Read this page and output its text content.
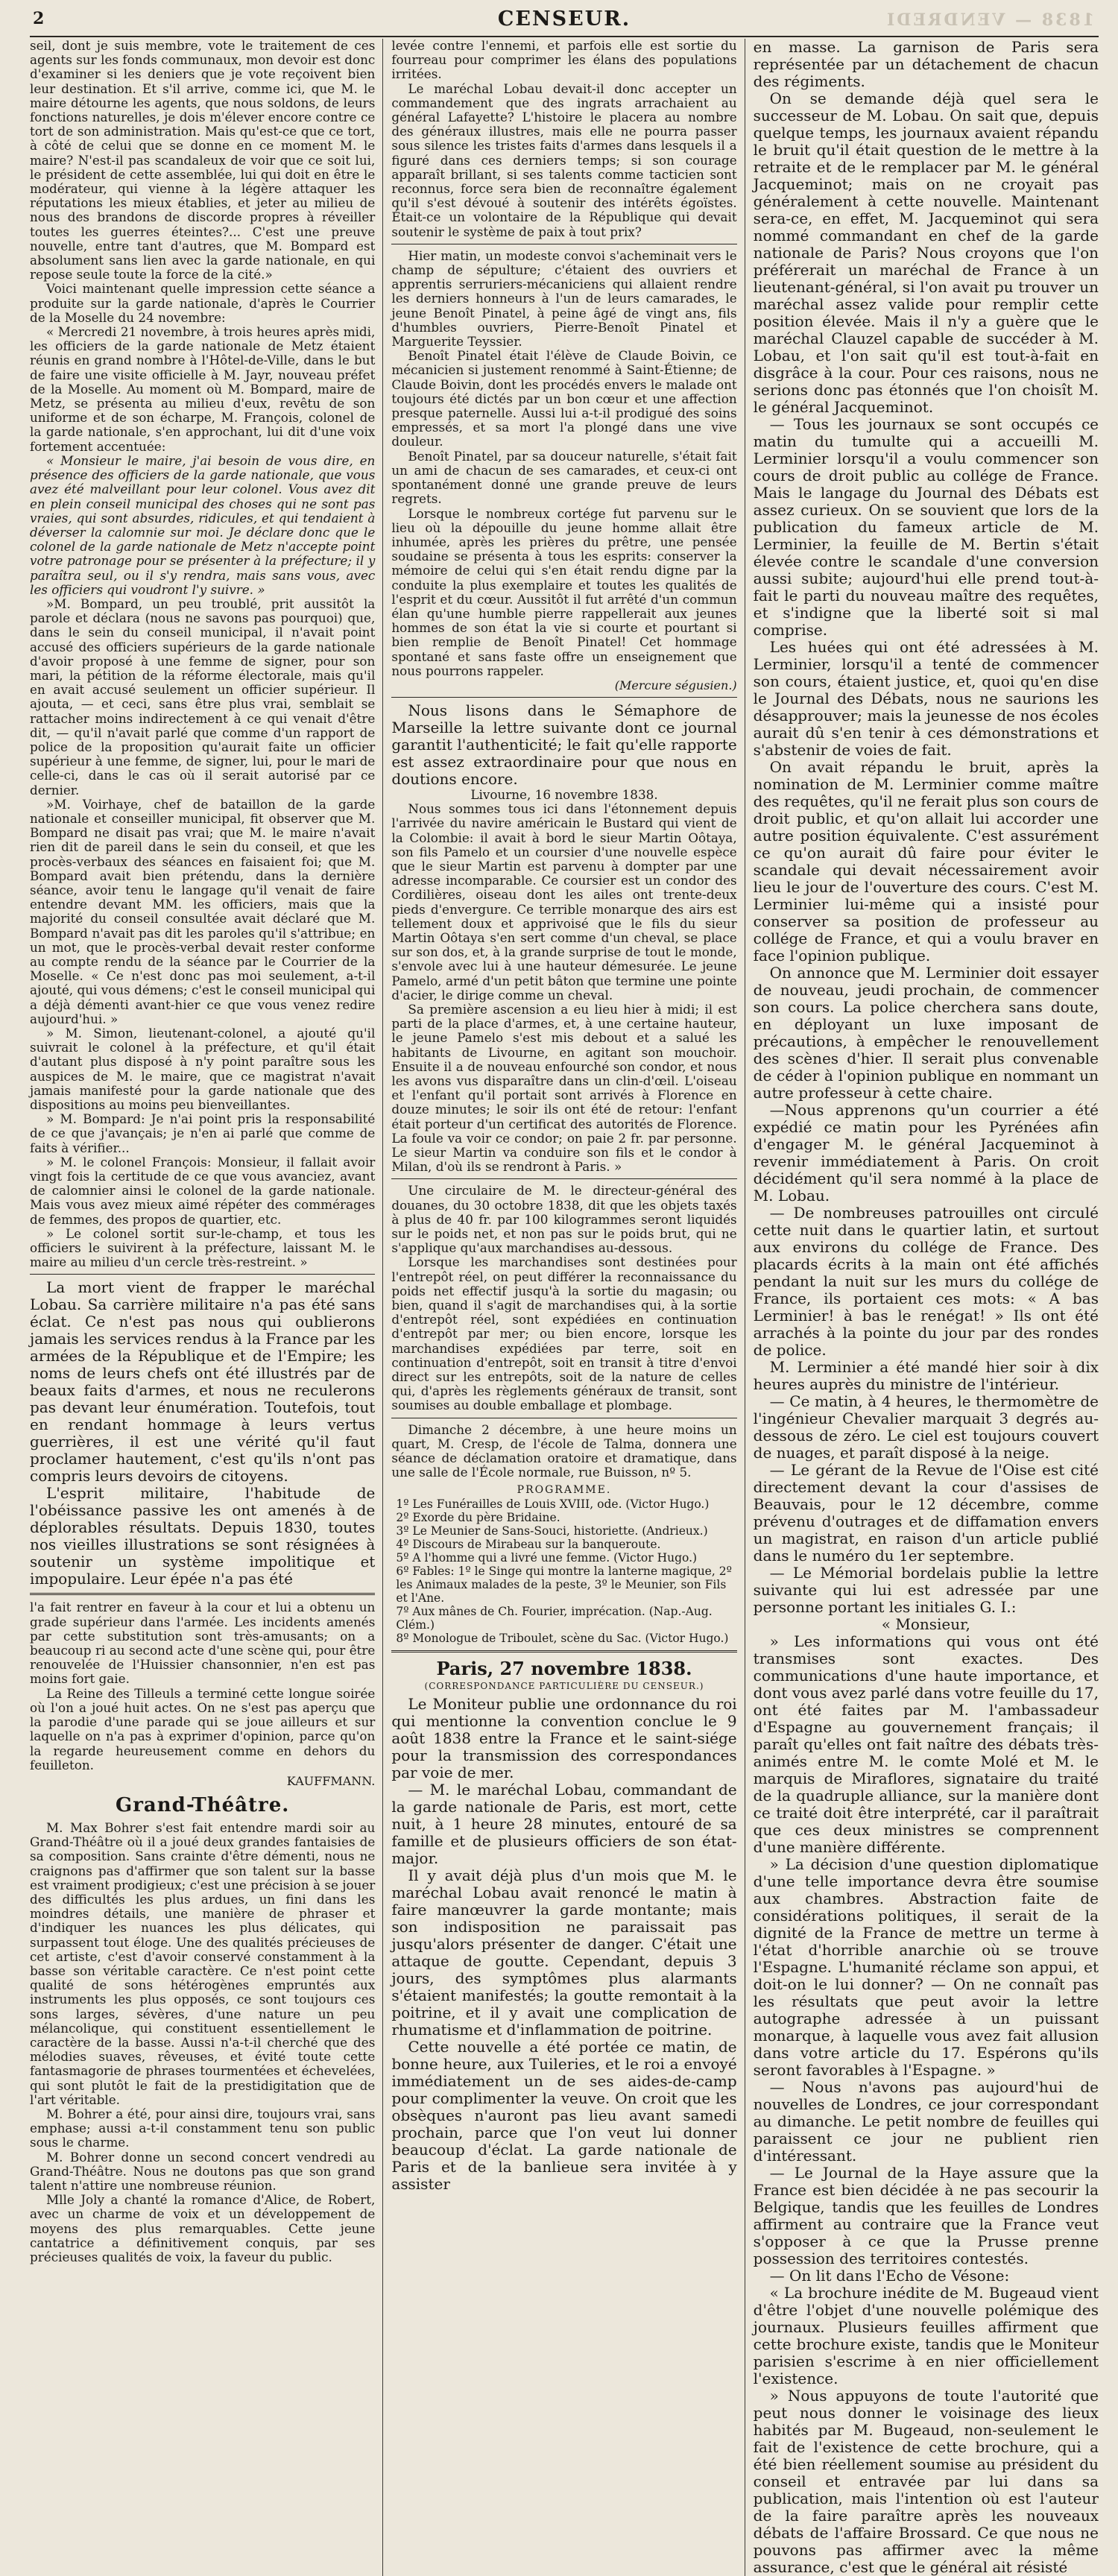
2	CENSEUR.	1838 — VENDREDI

seil, dont je suis membre, vote le traitement de ces agents sur les fonds communaux, mon devoir est donc d'examiner si les deniers que je vote reçoivent bien leur destination. Et s'il arrive, comme ici, que M. le maire détourne les agents, que nous soldons, de leurs fonctions naturelles, je dois m'élever encore contre ce tort de son administration. Mais qu'est-ce que ce tort, à côté de celui que se donne en ce moment M. le maire? N'est-il pas scandaleux de voir que ce soit lui, le président de cette assemblée, lui qui doit en être le modérateur, qui vienne à la légère attaquer les réputations les mieux établies, et jeter au milieu de nous des brandons de discorde propres à réveiller toutes les guerres éteintes?... C'est une preuve nouvelle, entre tant d'autres, que M. Bompard est absolument sans lien avec la garde nationale, en qui repose seule toute la force de la cité.»

Voici maintenant quelle impression cette séance a produite sur la garde nationale, d'après le Courrier de la Moselle du 24 novembre:

« Mercredi 21 novembre, à trois heures après midi, les officiers de la garde nationale de Metz étaient réunis en grand nombre à l'Hôtel-de-Ville, dans le but de faire une visite officielle à M. Jayr, nouveau préfet de la Moselle. Au moment où M. Bompard, maire de Metz, se présenta au milieu d'eux, revêtu de son uniforme et de son écharpe, M. François, colonel de la garde nationale, s'en approchant, lui dit d'une voix fortement accentuée:

« Monsieur le maire, j'ai besoin de vous dire, en présence des officiers de la garde nationale, que vous avez été malveillant pour leur colonel. Vous avez dit en plein conseil municipal des choses qui ne sont pas vraies, qui sont absurdes, ridicules, et qui tendaient à déverser la calomnie sur moi. Je déclare donc que le colonel de la garde nationale de Metz n'accepte point votre patronage pour se présenter à la préfecture; il y paraîtra seul, ou il s'y rendra, mais sans vous, avec les officiers qui voudront l'y suivre. »

»M. Bompard, un peu troublé, prit aussitôt la parole et déclara (nous ne savons pas pourquoi) que, dans le sein du conseil municipal, il n'avait point accusé des officiers supérieurs de la garde nationale d'avoir proposé à une femme de signer, pour son mari, la pétition de la réforme électorale, mais qu'il en avait accusé seulement un officier supérieur. Il ajouta, — et ceci, sans être plus vrai, semblait se rattacher moins indirectement à ce qui venait d'être dit, — qu'il n'avait parlé que comme d'un rapport de police de la proposition qu'aurait faite un officier supérieur à une femme, de signer, lui, pour le mari de celle-ci, dans le cas où il serait autorisé par ce dernier.

»M. Voirhaye, chef de bataillon de la garde nationale et conseiller municipal, fit observer que M. Bompard ne disait pas vrai; que M. le maire n'avait rien dit de pareil dans le sein du conseil, et que les procès-verbaux des séances en faisaient foi; que M. Bompard avait bien prétendu, dans la dernière séance, avoir tenu le langage qu'il venait de faire entendre devant MM. les officiers, mais que la majorité du conseil consultée avait déclaré que M. Bompard n'avait pas dit les paroles qu'il s'attribue; en un mot, que le procès-verbal devait rester conforme au compte rendu de la séance par le Courrier de la Moselle. « Ce n'est donc pas moi seulement, a-t-il ajouté, qui vous démens; c'est le conseil municipal qui a déjà démenti avant-hier ce que vous venez redire aujourd'hui. »

» M. Simon, lieutenant-colonel, a ajouté qu'il suivrait le colonel à la préfecture, et qu'il était d'autant plus disposé à n'y point paraître sous les auspices de M. le maire, que ce magistrat n'avait jamais manifesté pour la garde nationale que des dispositions au moins peu bienveillantes.

» M. Bompard: Je n'ai point pris la responsabilité de ce que j'avançais; je n'en ai parlé que comme de faits à vérifier...

» M. le colonel François: Monsieur, il fallait avoir vingt fois la certitude de ce que vous avanciez, avant de calomnier ainsi le colonel de la garde nationale. Mais vous avez mieux aimé répéter des commérages de femmes, des propos de quartier, etc.

» Le colonel sortit sur-le-champ, et tous les officiers le suivirent à la préfecture, laissant M. le maire au milieu d'un cercle très-restreint. »

La mort vient de frapper le maréchal Lobau. Sa carrière militaire n'a pas été sans éclat. Ce n'est pas nous qui oublierons jamais les services rendus à la France par les armées de la République et de l'Empire; les noms de leurs chefs ont été illustrés par de beaux faits d'armes, et nous ne reculerons pas devant leur énumération. Toutefois, tout en rendant hommage à leurs vertus guerrières, il est une vérité qu'il faut proclamer hautement, c'est qu'ils n'ont pas compris leurs devoirs de citoyens.

L'esprit militaire, l'habitude de l'obéissance passive les ont amenés à de déplorables résultats. Depuis 1830, toutes nos vieilles illustrations se sont résignées à soutenir un système impolitique et impopulaire. Leur épée n'a pas été

l'a fait rentrer en faveur à la cour et lui a obtenu un grade supérieur dans l'armée. Les incidents amenés par cette substitution sont très-amusants; on a beaucoup ri au second acte d'une scène qui, pour être renouvelée de l'Huissier chansonnier, n'en est pas moins fort gaie.

La Reine des Tilleuls a terminé cette longue soirée où l'on a joué huit actes. On ne s'est pas aperçu que la parodie d'une parade qui se joue ailleurs et sur laquelle on n'a pas à exprimer d'opinion, parce qu'on la regarde heureusement comme en dehors du feuilleton.

KAUFFMANN.
Grand-Théâtre.

M. Max Bohrer s'est fait entendre mardi soir au Grand-Théâtre où il a joué deux grandes fantaisies de sa composition. Sans crainte d'être démenti, nous ne craignons pas d'affirmer que son talent sur la basse est vraiment prodigieux; c'est une précision à se jouer des difficultés les plus ardues, un fini dans les moindres détails, une manière de phraser et d'indiquer les nuances les plus délicates, qui surpassent tout éloge. Une des qualités précieuses de cet artiste, c'est d'avoir conservé constamment à la basse son véritable caractère. Ce n'est point cette qualité de sons hétérogènes empruntés aux instruments les plus opposés, ce sont toujours ces sons larges, sévères, d'une nature un peu mélancolique, qui constituent essentiellement le caractère de la basse. Aussi n'a-t-il cherché que des mélodies suaves, rêveuses, et évité toute cette fantasmagorie de phrases tourmentées et échevelées, qui sont plutôt le fait de la prestidigitation que de l'art véritable.

M. Bohrer a été, pour ainsi dire, toujours vrai, sans emphase; aussi a-t-il constamment tenu son public sous le charme.

M. Bohrer donne un second concert vendredi au Grand-Théâtre. Nous ne doutons pas que son grand talent n'attire une nombreuse réunion.

Mlle Joly a chanté la romance d'Alice, de Robert, avec un charme de voix et un développement de moyens des plus remarquables. Cette jeune cantatrice a définitivement conquis, par ses précieuses qualités de voix, la faveur du public.

levée contre l'ennemi, et parfois elle est sortie du fourreau pour comprimer les élans des populations irritées.

Le maréchal Lobau devait-il donc accepter un commandement que des ingrats arrachaient au général Lafayette? L'histoire le placera au nombre des généraux illustres, mais elle ne pourra passer sous silence les tristes faits d'armes dans lesquels il a figuré dans ces derniers temps; si son courage apparaît brillant, si ses talents comme tacticien sont reconnus, force sera bien de reconnaître également qu'il s'est dévoué à soutenir des intérêts égoïstes. Était-ce un volontaire de la République qui devait soutenir le système de paix à tout prix?

Hier matin, un modeste convoi s'acheminait vers le champ de sépulture; c'étaient des ouvriers et apprentis serruriers-mécaniciens qui allaient rendre les derniers honneurs à l'un de leurs camarades, le jeune Benoît Pinatel, à peine âgé de vingt ans, fils d'humbles ouvriers, Pierre-Benoît Pinatel et Marguerite Teyssier.

Benoît Pinatel était l'élève de Claude Boivin, ce mécanicien si justement renommé à Saint-Étienne; de Claude Boivin, dont les procédés envers le malade ont toujours été dictés par un bon cœur et une affection presque paternelle. Aussi lui a-t-il prodigué des soins empressés, et sa mort l'a plongé dans une vive douleur.

Benoît Pinatel, par sa douceur naturelle, s'était fait un ami de chacun de ses camarades, et ceux-ci ont spontanément donné une grande preuve de leurs regrets.

Lorsque le nombreux cortége fut parvenu sur le lieu où la dépouille du jeune homme allait être inhumée, après les prières du prêtre, une pensée soudaine se présenta à tous les esprits: conserver la mémoire de celui qui s'en était rendu digne par la conduite la plus exemplaire et toutes les qualités de l'esprit et du cœur. Aussitôt il fut arrêté d'un commun élan qu'une humble pierre rappellerait aux jeunes hommes de son état la vie si courte et pourtant si bien remplie de Benoît Pinatel! Cet hommage spontané et sans faste offre un enseignement que nous pourrons rappeler.

(Mercure ségusien.)

Nous lisons dans le Sémaphore de Marseille la lettre suivante dont ce journal garantit l'authenticité; le fait qu'elle rapporte est assez extraordinaire pour que nous en doutions encore.

Livourne, 16 novembre 1838.

Nous sommes tous ici dans l'étonnement depuis l'arrivée du navire américain le Bustard qui vient de la Colombie: il avait à bord le sieur Martin Oôtaya, son fils Pamelo et un coursier d'une nouvelle espèce que le sieur Martin est parvenu à dompter par une adresse incomparable. Ce coursier est un condor des Cordilières, oiseau dont les ailes ont trente-deux pieds d'envergure. Ce terrible monarque des airs est tellement doux et apprivoisé que le fils du sieur Martin Oôtaya s'en sert comme d'un cheval, se place sur son dos, et, à la grande surprise de tout le monde, s'envole avec lui à une hauteur démesurée. Le jeune Pamelo, armé d'un petit bâton que termine une pointe d'acier, le dirige comme un cheval.

Sa première ascension a eu lieu hier à midi; il est parti de la place d'armes, et, à une certaine hauteur, le jeune Pamelo s'est mis debout et a salué les habitants de Livourne, en agitant son mouchoir. Ensuite il a de nouveau enfourché son condor, et nous les avons vus disparaître dans un clin-d'œil. L'oiseau et l'enfant qu'il portait sont arrivés à Florence en douze minutes; le soir ils ont été de retour: l'enfant était porteur d'un certificat des autorités de Florence. La foule va voir ce condor; on paie 2 fr. par personne. Le sieur Martin va conduire son fils et le condor à Milan, d'où ils se rendront à Paris. »

Une circulaire de M. le directeur-général des douanes, du 30 octobre 1838, dit que les objets taxés à plus de 40 fr. par 100 kilogrammes seront liquidés sur le poids net, et non pas sur le poids brut, qui ne s'applique qu'aux marchandises au-dessous.

Lorsque les marchandises sont destinées pour l'entrepôt réel, on peut différer la reconnaissance du poids net effectif jusqu'à la sortie du magasin; ou bien, quand il s'agit de marchandises qui, à la sortie d'entrepôt réel, sont expédiées en continuation d'entrepôt par mer; ou bien encore, lorsque les marchandises expédiées par terre, soit en continuation d'entrepôt, soit en transit à titre d'envoi direct sur les entrepôts, soit de la nature de celles qui, d'après les règlements généraux de transit, sont soumises au double emballage et plombage.

Dimanche 2 décembre, à une heure moins un quart, M. Cresp, de l'école de Talma, donnera une séance de déclamation oratoire et dramatique, dans une salle de l'École normale, rue Buisson, nº 5.

PROGRAMME.
1º Les Funérailles de Louis XVIII, ode. (Victor Hugo.)
2º Exorde du père Bridaine.
3º Le Meunier de Sans-Souci, historiette. (Andrieux.)
4º Discours de Mirabeau sur la banqueroute.
5º A l'homme qui a livré une femme. (Victor Hugo.)
6º Fables: 1º le Singe qui montre la lanterne magique, 2º les Animaux malades de la peste, 3º le Meunier, son Fils et l'Ane.
7º Aux mânes de Ch. Fourier, imprécation. (Nap.-Aug. Clém.)
8º Monologue de Triboulet, scène du Sac. (Victor Hugo.)
Paris, 27 novembre 1838.
(CORRESPONDANCE PARTICULIÈRE DU CENSEUR.)

Le Moniteur publie une ordonnance du roi qui mentionne la convention conclue le 9 août 1838 entre la France et le saint-siége pour la transmission des correspondances par voie de mer.

— M. le maréchal Lobau, commandant de la garde nationale de Paris, est mort, cette nuit, à 1 heure 28 minutes, entouré de sa famille et de plusieurs officiers de son état-major.

Il y avait déjà plus d'un mois que M. le maréchal Lobau avait renoncé le matin à faire manœuvrer la garde montante; mais son indisposition ne paraissait pas jusqu'alors présenter de danger. C'était une attaque de goutte. Cependant, depuis 3 jours, des symptômes plus alarmants s'étaient manifestés; la goutte remontait à la poitrine, et il y avait une complication de rhumatisme et d'inflammation de poitrine.

Cette nouvelle a été portée ce matin, de bonne heure, aux Tuileries, et le roi a envoyé immédiatement un de ses aides-de-camp pour complimenter la veuve. On croit que les obsèques n'auront pas lieu avant samedi prochain, parce que l'on veut lui donner beaucoup d'éclat. La garde nationale de Paris et de la banlieue sera invitée à y assister

en masse. La garnison de Paris sera représentée par un détachement de chacun des régiments.

On se demande déjà quel sera le successeur de M. Lobau. On sait que, depuis quelque temps, les journaux avaient répandu le bruit qu'il était question de le mettre à la retraite et de le remplacer par M. le général Jacqueminot; mais on ne croyait pas généralement à cette nouvelle. Maintenant sera-ce, en effet, M. Jacqueminot qui sera nommé commandant en chef de la garde nationale de Paris? Nous croyons que l'on préférerait un maréchal de France à un lieutenant-général, si l'on avait pu trouver un maréchal assez valide pour remplir cette position élevée. Mais il n'y a guère que le maréchal Clauzel capable de succéder à M. Lobau, et l'on sait qu'il est tout-à-fait en disgrâce à la cour. Pour ces raisons, nous ne serions donc pas étonnés que l'on choisît M. le général Jacqueminot.

— Tous les journaux se sont occupés ce matin du tumulte qui a accueilli M. Lerminier lorsqu'il a voulu commencer son cours de droit public au collége de France. Mais le langage du Journal des Débats est assez curieux. On se souvient que lors de la publication du fameux article de M. Lerminier, la feuille de M. Bertin s'était élevée contre le scandale d'une conversion aussi subite; aujourd'hui elle prend tout-à-fait le parti du nouveau maître des requêtes, et s'indigne que la liberté soit si mal comprise.

Les huées qui ont été adressées à M. Lerminier, lorsqu'il a tenté de commencer son cours, étaient justice, et, quoi qu'en dise le Journal des Débats, nous ne saurions les désapprouver; mais la jeunesse de nos écoles aurait dû s'en tenir à ces démonstrations et s'abstenir de voies de fait.

On avait répandu le bruit, après la nomination de M. Lerminier comme maître des requêtes, qu'il ne ferait plus son cours de droit public, et qu'on allait lui accorder une autre position équivalente. C'est assurément ce qu'on aurait dû faire pour éviter le scandale qui devait nécessairement avoir lieu le jour de l'ouverture des cours. C'est M. Lerminier lui-même qui a insisté pour conserver sa position de professeur au collége de France, et qui a voulu braver en face l'opinion publique.

On annonce que M. Lerminier doit essayer de nouveau, jeudi prochain, de commencer son cours. La police cherchera sans doute, en déployant un luxe imposant de précautions, à empêcher le renouvellement des scènes d'hier. Il serait plus convenable de céder à l'opinion publique en nommant un autre professeur à cette chaire.

—Nous apprenons qu'un courrier a été expédié ce matin pour les Pyrénées afin d'engager M. le général Jacqueminot à revenir immédiatement à Paris. On croit décidément qu'il sera nommé à la place de M. Lobau.

— De nombreuses patrouilles ont circulé cette nuit dans le quartier latin, et surtout aux environs du collége de France. Des placards écrits à la main ont été affichés pendant la nuit sur les murs du collége de France, ils portaient ces mots: « A bas Lerminier! à bas le renégat! » Ils ont été arrachés à la pointe du jour par des rondes de police.

M. Lerminier a été mandé hier soir à dix heures auprès du ministre de l'intérieur.

— Ce matin, à 4 heures, le thermomètre de l'ingénieur Chevalier marquait 3 degrés au-dessous de zéro. Le ciel est toujours couvert de nuages, et paraît disposé à la neige.

— Le gérant de la Revue de l'Oise est cité directement devant la cour d'assises de Beauvais, pour le 12 décembre, comme prévenu d'outrages et de diffamation envers un magistrat, en raison d'un article publié dans le numéro du 1er septembre.

— Le Mémorial bordelais publie la lettre suivante qui lui est adressée par une personne portant les initiales G. I.:

« Monsieur,

» Les informations qui vous ont été transmises sont exactes. Des communications d'une haute importance, et dont vous avez parlé dans votre feuille du 17, ont été faites par M. l'ambassadeur d'Espagne au gouvernement français; il paraît qu'elles ont fait naître des débats très-animés entre M. le comte Molé et M. le marquis de Miraflores, signataire du traité de la quadruple alliance, sur la manière dont ce traité doit être interprété, car il paraîtrait que ces deux ministres se comprennent d'une manière différente.

» La décision d'une question diplomatique d'une telle importance devra être soumise aux chambres. Abstraction faite de considérations politiques, il serait de la dignité de la France de mettre un terme à l'état d'horrible anarchie où se trouve l'Espagne. L'humanité réclame son appui, et doit-on le lui donner? — On ne connaît pas les résultats que peut avoir la lettre autographe adressée à un puissant monarque, à laquelle vous avez fait allusion dans votre article du 17. Espérons qu'ils seront favorables à l'Espagne. »

— Nous n'avons pas aujourd'hui de nouvelles de Londres, ce jour correspondant au dimanche. Le petit nombre de feuilles qui paraissent ce jour ne publient rien d'intéressant.

— Le Journal de la Haye assure que la France est bien décidée à ne pas secourir la Belgique, tandis que les feuilles de Londres affirment au contraire que la France veut s'opposer à ce que la Prusse prenne possession des territoires contestés.

— On lit dans l'Echo de Vésone:

« La brochure inédite de M. Bugeaud vient d'être l'objet d'une nouvelle polémique des journaux. Plusieurs feuilles affirment que cette brochure existe, tandis que le Moniteur parisien s'escrime à en nier officiellement l'existence.

» Nous appuyons de toute l'autorité que peut nous donner le voisinage des lieux habités par M. Bugeaud, non-seulement le fait de l'existence de cette brochure, qui a été bien réellement soumise au président du conseil et entravée par lui dans sa publication, mais l'intention où est l'auteur de la faire paraître après les nouveaux débats de l'affaire Brossard. Ce que nous ne pouvons pas affirmer avec la même assurance, c'est que le général ait résisté
